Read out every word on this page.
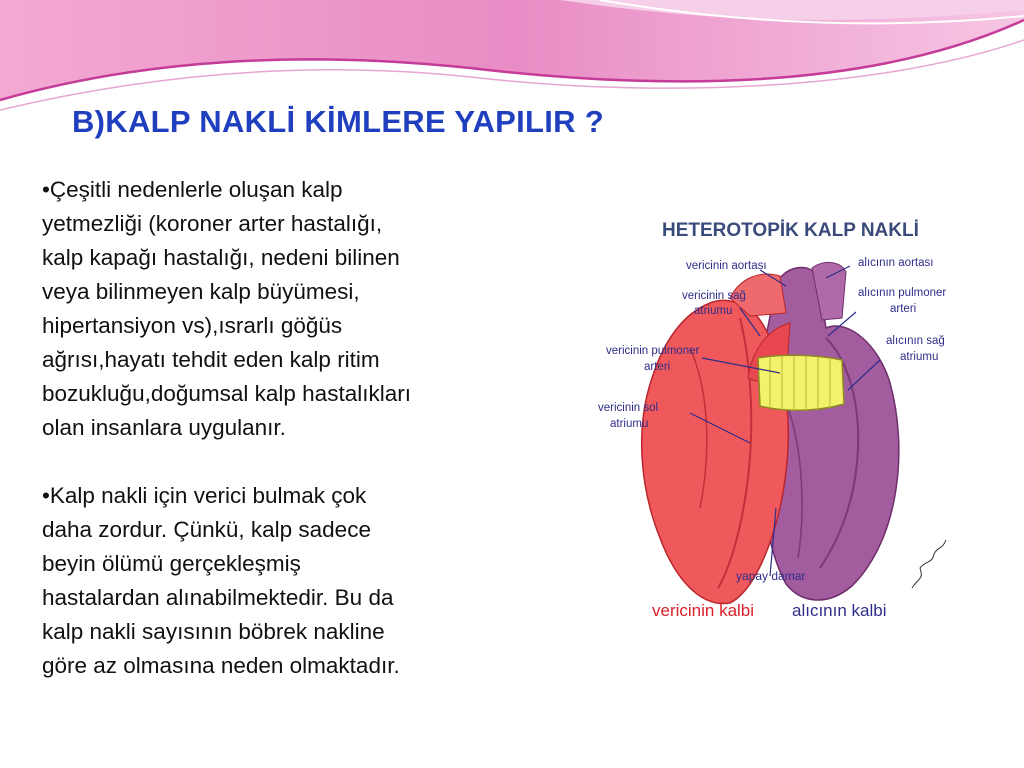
B)KALP NAKLİ KİMLERE YAPILIR ?

•Çeşitli nedenlerle oluşan kalp
yetmezliği (koroner arter hastalığı,
kalp kapağı hastalığı, nedeni bilinen
veya bilinmeyen kalp büyümesi,
hipertansiyon vs),ısrarlı göğüs
ağrısı,hayatı tehdit eden kalp ritim
bozukluğu,doğumsal kalp hastalıkları
olan insanlara uygulanır.

•Kalp nakli için verici bulmak çok
daha zordur. Çünkü, kalp sadece
beyin ölümü gerçekleşmiş
hastalardan alınabilmektedir. Bu da
kalp nakli sayısının böbrek nakline
göre az olmasına neden olmaktadır.

HETEROTOPİK KALP NAKLİ
vericinin aortası
vericinin sağ
atriumu
vericinin pulmoner
arteri
vericinin sol
atriumu
alıcının aortası
alıcının pulmoner
arteri
alıcının sağ
atriumu
yapay damar
vericinin kalbi alıcının kalbi
